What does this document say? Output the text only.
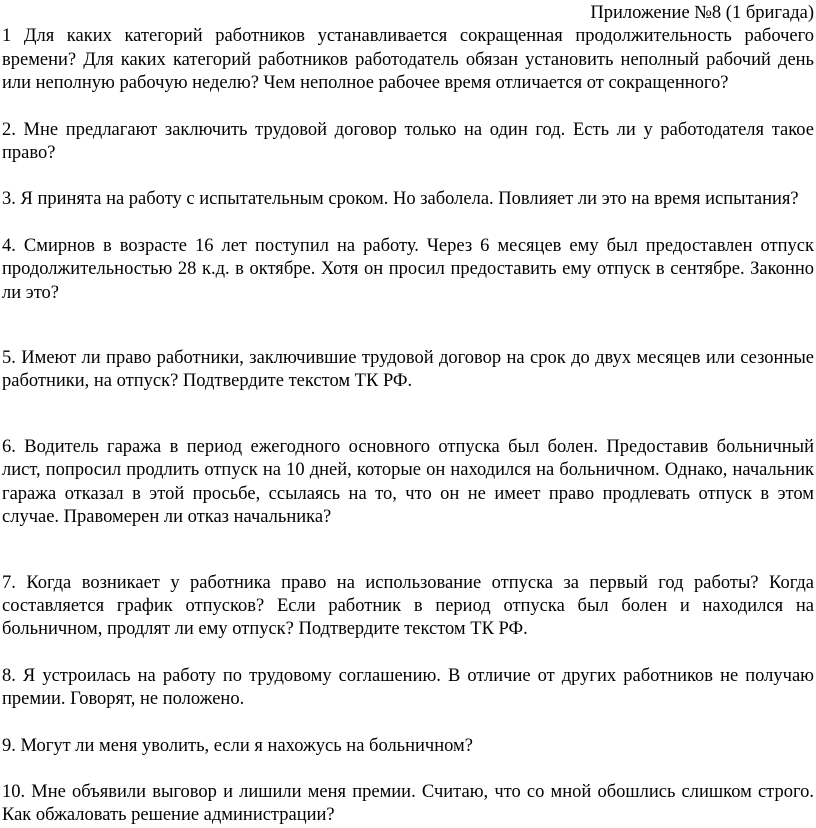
Приложение №8 (1 бригада)

1 Для каких категорий работников устанавливается сокращенная продолжительность рабочего времени? Для каких категорий работников работодатель обязан установить неполный рабочий день или неполную рабочую неделю? Чем неполное рабочее время отличается от сокращенного?

2. Мне предлагают заключить трудовой договор только на один год. Есть ли у работодателя такое право?

3. Я принята на работу с испытательным сроком. Но заболела. Повлияет ли это на время испытания?

4. Смирнов в возрасте 16 лет поступил на работу. Через 6 месяцев ему был предоставлен отпуск продолжительностью 28 к.д. в октябре. Хотя он просил предоставить ему отпуск в сентябре. Законно ли это?

5. Имеют ли право работники, заключившие трудовой договор на срок до двух месяцев или сезонные работники, на отпуск? Подтвердите текстом ТК РФ.

6. Водитель гаража в период ежегодного основного отпуска был болен. Предоставив больничный лист, попросил продлить отпуск на 10 дней, которые он находился на больничном. Однако, начальник гаража отказал в этой просьбе, ссылаясь на то, что он не имеет право продлевать отпуск в этом случае. Правомерен ли отказ начальника?

7. Когда возникает у работника право на использование отпуска за первый год работы? Когда составляется график отпусков? Если работник в период отпуска был болен и находился на больничном, продлят ли ему отпуск? Подтвердите текстом ТК РФ.

8. Я устроилась на работу по трудовому соглашению. В отличие от других работников не получаю премии. Говорят, не положено.

9. Могут ли меня уволить, если я нахожусь на больничном?

10. Мне объявили выговор и лишили меня премии. Считаю, что со мной обошлись слишком строго. Как обжаловать решение администрации?
